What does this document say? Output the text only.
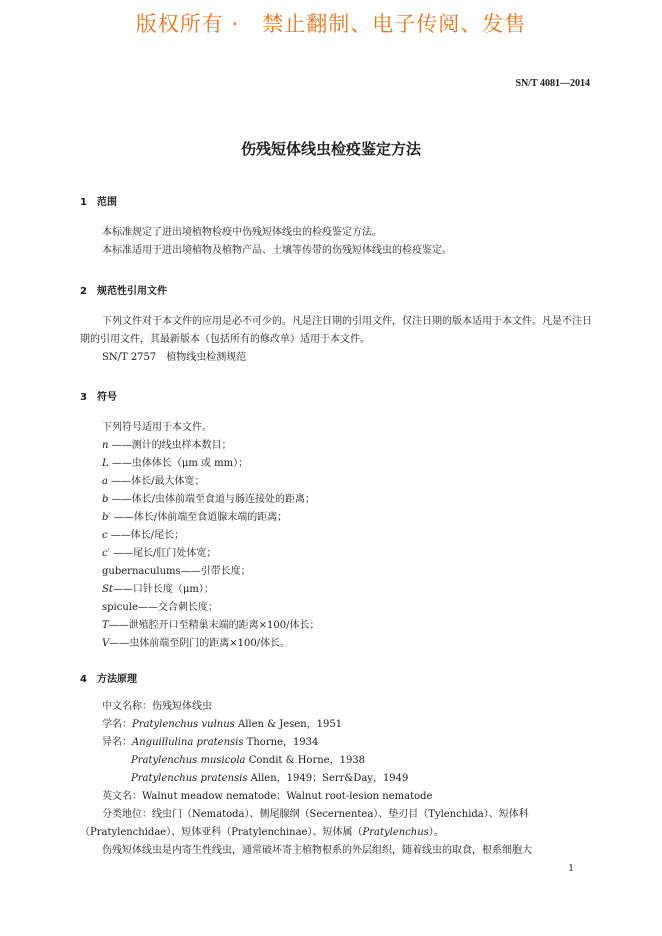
版权所有 ·   禁止翻制、电子传阅、发售
SN/T 4081—2014
伤残短体线虫检疫鉴定方法
1 范围
本标准规定了进出境植物检疫中伤残短体线虫的检疫鉴定方法。
本标准适用于进出境植物及植物产品、土壤等传带的伤残短体线虫的检疫鉴定。
2 规范性引用文件
下列文件对于本文件的应用是必不可少的。凡是注日期的引用文件，仅注日期的版本适用于本文件。凡是不注日期的引用文件，其最新版本（包括所有的修改单）适用于本文件。
SN/T 2757　植物线虫检测规范
3 符号
下列符号适用于本文件。
n ——测计的线虫样本数目；
L ——虫体体长（μm 或 mm）；
a ——体长/最大体宽；
b ——体长/虫体前端至食道与肠连接处的距离；
b′ ——体长/体前端至食道腺末端的距离；
c ——体长/尾长；
c′ ——尾长/肛门处体宽；
gubernaculums——引带长度；
St——口针长度（μm）；
spicule——交合刺长度；
T——泄殖腔开口至精巢末端的距离×100/体长；
V——虫体前端至阴门的距离×100/体长。
4 方法原理
中文名称：伤残短体线虫
学名：Pratylenchus vulnus Allen & Jesen，1951
异名：Anguillulina pratensis Thorne，1934
Pratylenchus musicola Condit & Horne，1938
Pratylenchus pratensis Allen，1949；Serr&Day，1949
英文名：Walnut meadow nematode；Walnut root-lesion nematode
分类地位：线虫门（Nematoda）、侧尾腺纲（Secernentea）、垫刃目（Tylenchida）、短体科（Pratylenchidae）、短体亚科（Pratylenchinae）、短体属（Pratylenchus）。
伤残短体线虫是内寄生性线虫，通常破坏寄主植物根系的外层组织，随着线虫的取食，根系细胞大
1
